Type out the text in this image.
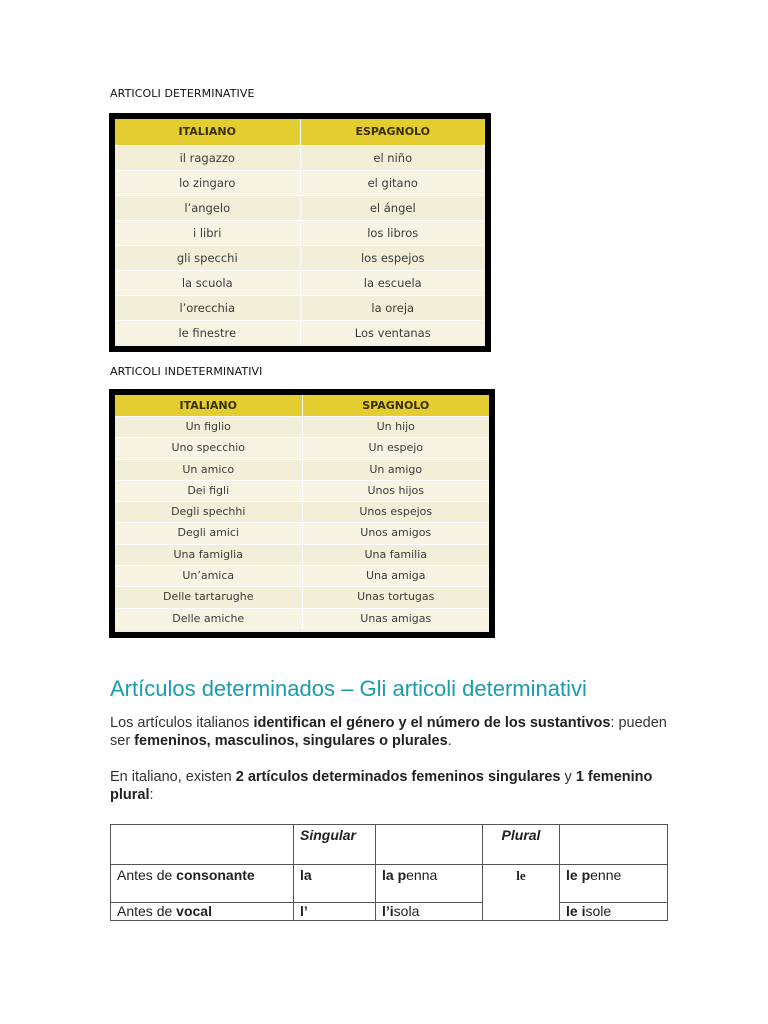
ARTICOLI DETERMINATIVE
ITALIANO	ESPAGNOLO
il ragazzo	el niño
lo zingaro	el gitano
l’angelo	el ángel
i libri	los libros
gli specchi	los espejos
la scuola	la escuela
l’orecchia	la oreja
le finestre	Los ventanas
ARTICOLI INDETERMINATIVI
ITALIANO	SPAGNOLO
Un figlio	Un hijo
Uno specchio	Un espejo
Un amico	Un amigo
Dei figli	Unos hijos
Degli spechhi	Unos espejos
Degli amici	Unos amigos
Una famiglia	Una familia
Un’amica	Una amiga
Delle tartarughe	Unas tortugas
Delle amiche	Unas amigas
Artículos determinados – Gli articoli determinativi
Los artículos italianos identifican el género y el número de los sustantivos: pueden ser femeninos, masculinos, singulares o plurales.
En italiano, existen 2 artículos determinados femeninos singulares y 1 femenino plural:
	Singular		Plural	
Antes de consonante	la	la penna	le	le penne
Antes de vocal	l’	l’isola		le isole
